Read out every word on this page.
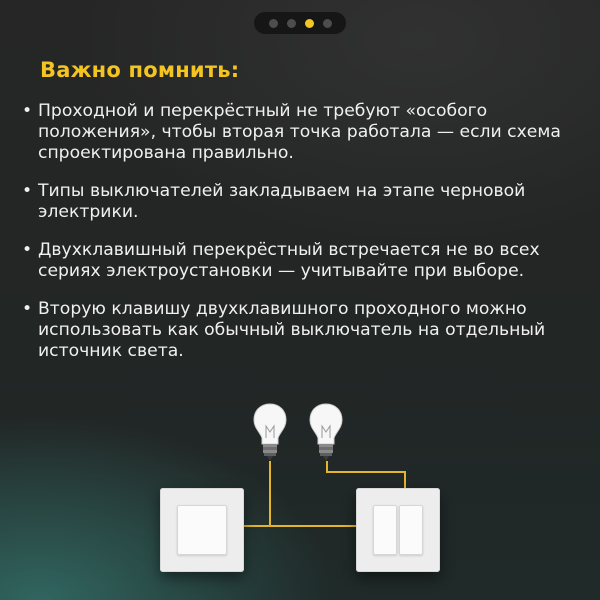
Важно помнить:
• Проходной и перекрёстный не требуют «особого положения», чтобы вторая точка работала — если схема спроектирована правильно.
• Типы выключателей закладываем на этапе черновой электрики.
• Двухклавишный перекрёстный встречается не во всех сериях электроустановки — учитывайте при выборе.
• Вторую клавишу двухклавишного проходного можно использовать как обычный выключатель на отдельный источник света.
